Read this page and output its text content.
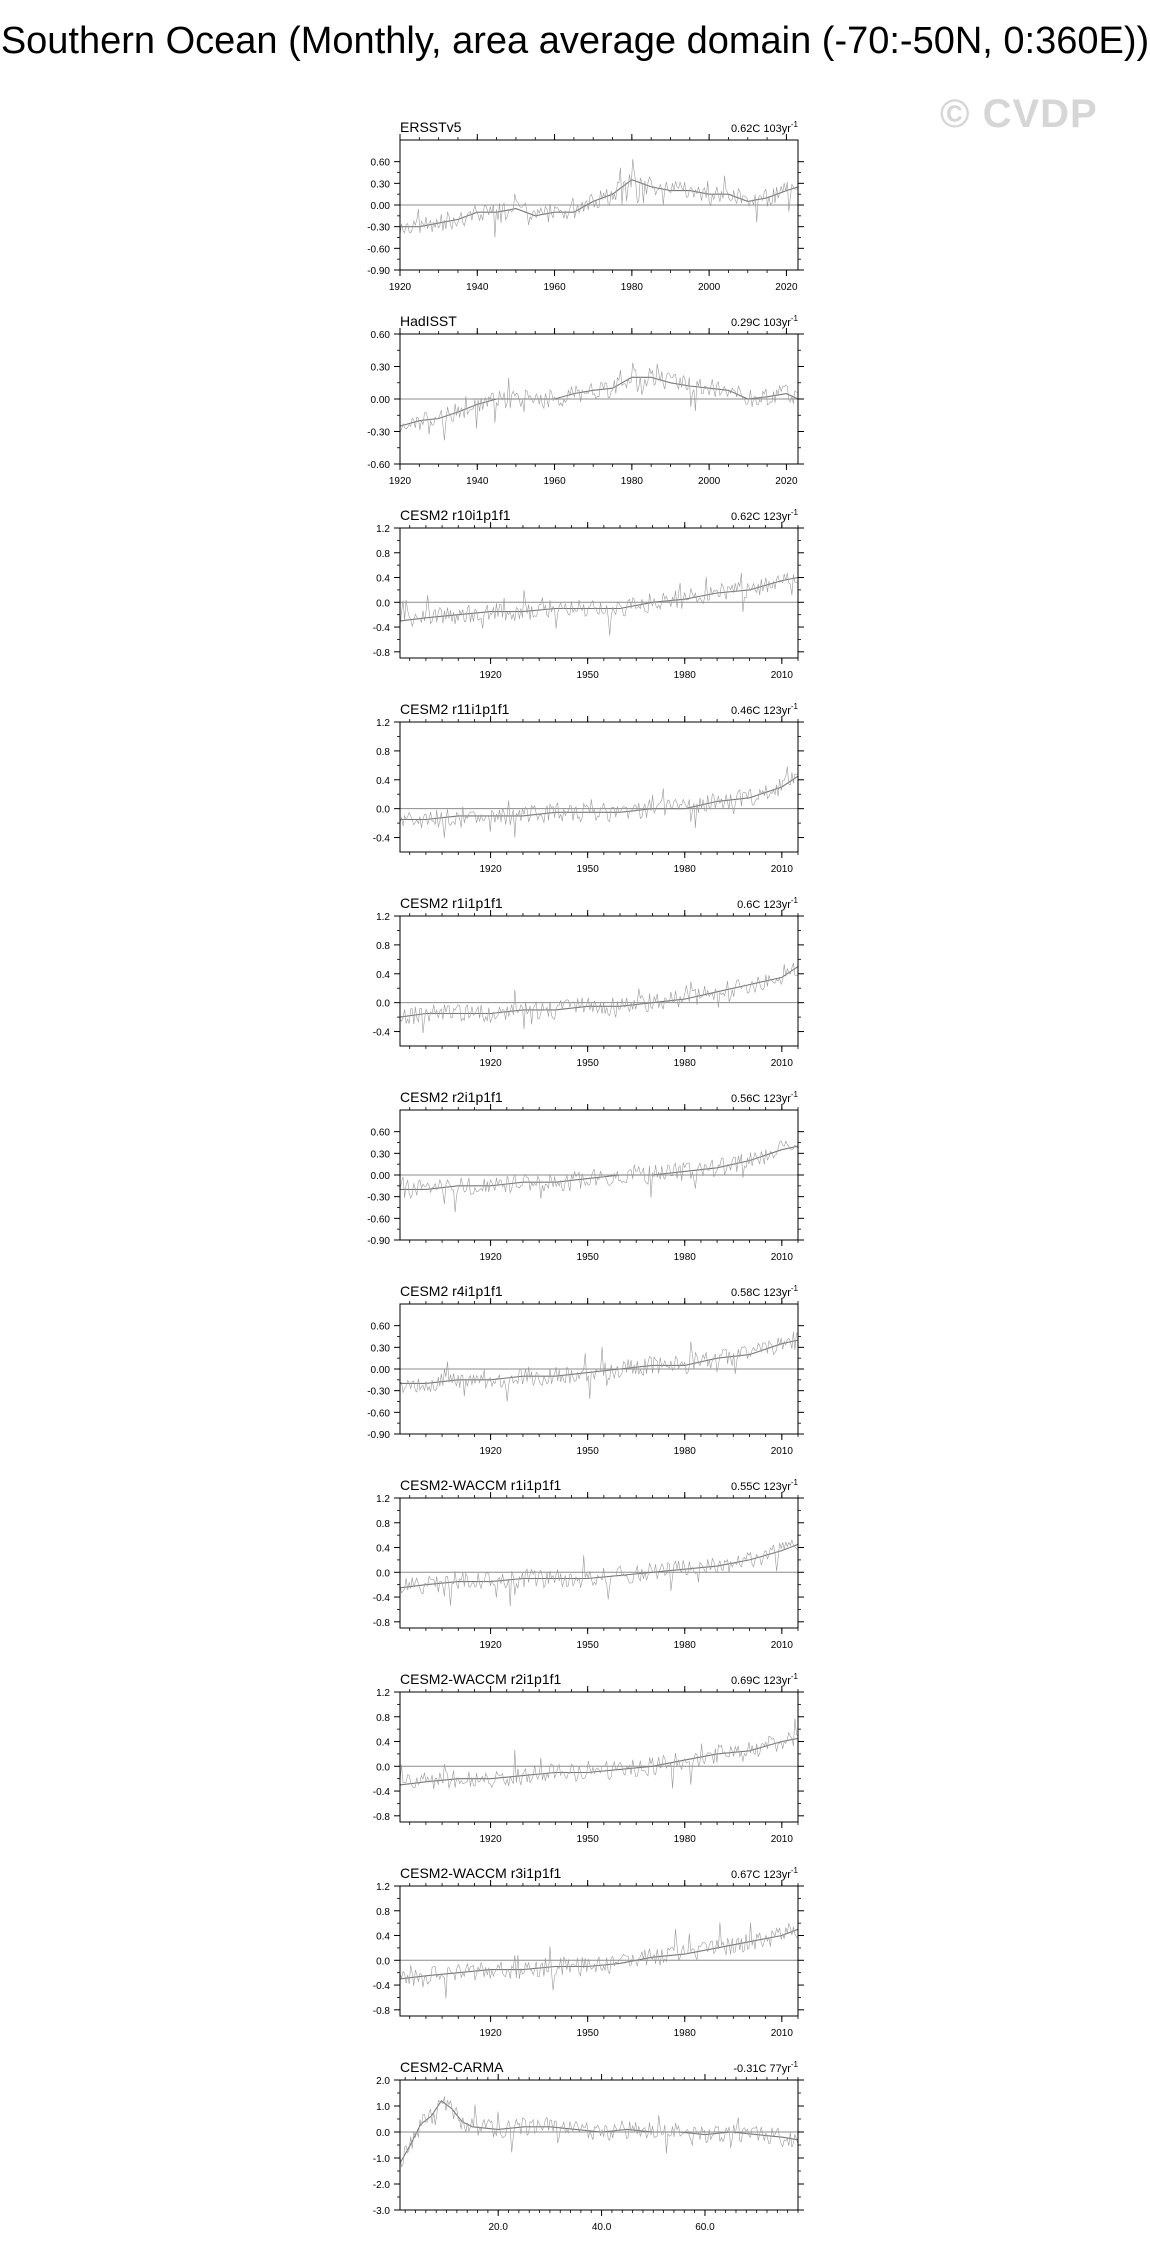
Southern Ocean (Monthly, area average domain (-70:-50N, 0:360E))
© CVDP
ERSSTv5	0.62C $103yr^{-1}$
1920	1940	1960	1980	2000	2020
-0.90
-0.60
-0.30
0.00
0.30
0.60
HadISST	0.29C $103yr^{-1}$
1920	1940	1960	1980	2000	2020
-0.60
-0.30
0.00
0.30
0.60
CESM2 r10i1p1f1	0.62C $123yr^{-1}$
1920	1950	1980	2010
-0.8
-0.4
0.0
0.4
0.8
1.2
CESM2 r11i1p1f1	0.46C $123yr^{-1}$
1920	1950	1980	2010
-0.4
0.0
0.4
0.8
1.2
CESM2 r1i1p1f1	0.6C $123yr^{-1}$
1920	1950	1980	2010
-0.4
0.0
0.4
0.8
1.2
CESM2 r2i1p1f1	0.56C $123yr^{-1}$
1920	1950	1980	2010
-0.90
-0.60
-0.30
0.00
0.30
0.60
CESM2 r4i1p1f1	0.58C $123yr^{-1}$
1920	1950	1980	2010
-0.90
-0.60
-0.30
0.00
0.30
0.60
CESM2-WACCM r1i1p1f1	0.55C $123yr^{-1}$
1920	1950	1980	2010
-0.8
-0.4
0.0
0.4
0.8
1.2
CESM2-WACCM r2i1p1f1	0.69C $123yr^{-1}$
1920	1950	1980	2010
-0.8
-0.4
0.0
0.4
0.8
1.2
CESM2-WACCM r3i1p1f1	0.67C $123yr^{-1}$
1920	1950	1980	2010
-0.8
-0.4
0.0
0.4
0.8
1.2
CESM2-CARMA	-0.31C $77yr^{-1}$
20.0	40.0	60.0
-3.0
-2.0
-1.0
0.0
1.0
2.0
